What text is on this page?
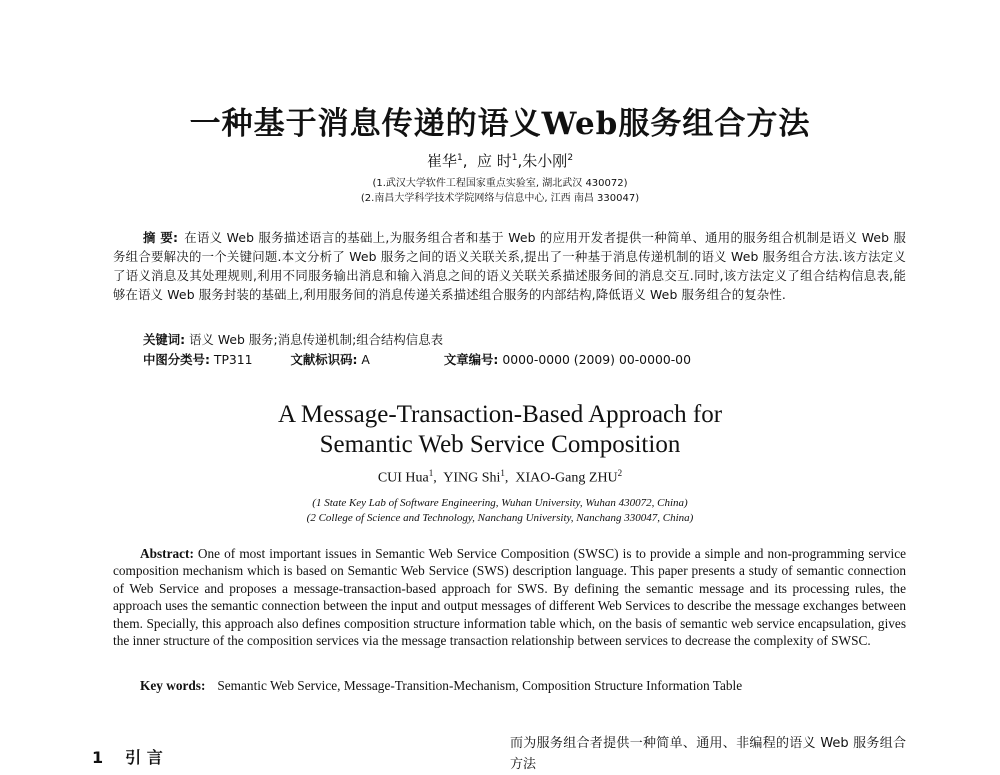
一种基于消息传递的语义Web服务组合方法
崔华$^1$,  应 时$^1$,朱小刚$^2$
(1.武汉大学软件工程国家重点实验室, 湖北武汉 430072)
(2.南昌大学科学技术学院网络与信息中心, 江西 南昌 330047)
摘 要: 在语义 Web 服务描述语言的基础上,为服务组合者和基于 Web 的应用开发者提供一种简单、通用的服务组合机制是语义 Web 服务组合要解决的一个关键问题.本文分析了 Web 服务之间的语义关联关系,提出了一种基于消息传递机制的语义 Web 服务组合方法.该方法定义了语义消息及其处理规则,利用不同服务输出消息和输入消息之间的语义关联关系描述服务间的消息交互.同时,该方法定义了组合结构信息表,能够在语义 Web 服务封装的基础上,利用服务间的消息传递关系描述组合服务的内部结构,降低语义 Web 服务组合的复杂性.
关键词: 语义 Web 服务;消息传递机制;组合结构信息表
中图分类号: TP311	文献标识码: A	文章编号: 0000-0000 (2009) 00-0000-00
A Message-Transaction-Based Approach for
Semantic Web Service Composition
CUI Hua$^1$,  YING Shi$^1$,  XIAO-Gang ZHU$^2$
(1 State Key Lab of Software Engineering, Wuhan University, Wuhan 430072, China)
(2 College of Science and Technology, Nanchang University, Nanchang 330047, China)
Abstract: One of most important issues in Semantic Web Service Composition (SWSC) is to provide a simple and non-programming service composition mechanism which is based on Semantic Web Service (SWS) description language. This paper presents a study of semantic connection of Web Service and proposes a message-transaction-based approach for SWS. By defining the semantic message and its processing rules, the approach uses the semantic connection between the input and output messages of different Web Services to describe the message exchanges between them. Specially, this approach also defines composition structure information table which, on the basis of semantic web service encapsulation, gives the inner structure of the composition services via the message transaction relationship between services to decrease the complexity of SWSC.
Key words: Semantic Web Service, Message-Transition-Mechanism, Composition Structure Information Table
1 引 言
而为服务组合者提供一种简单、通用、非编程的语义 Web 服务组合方法
